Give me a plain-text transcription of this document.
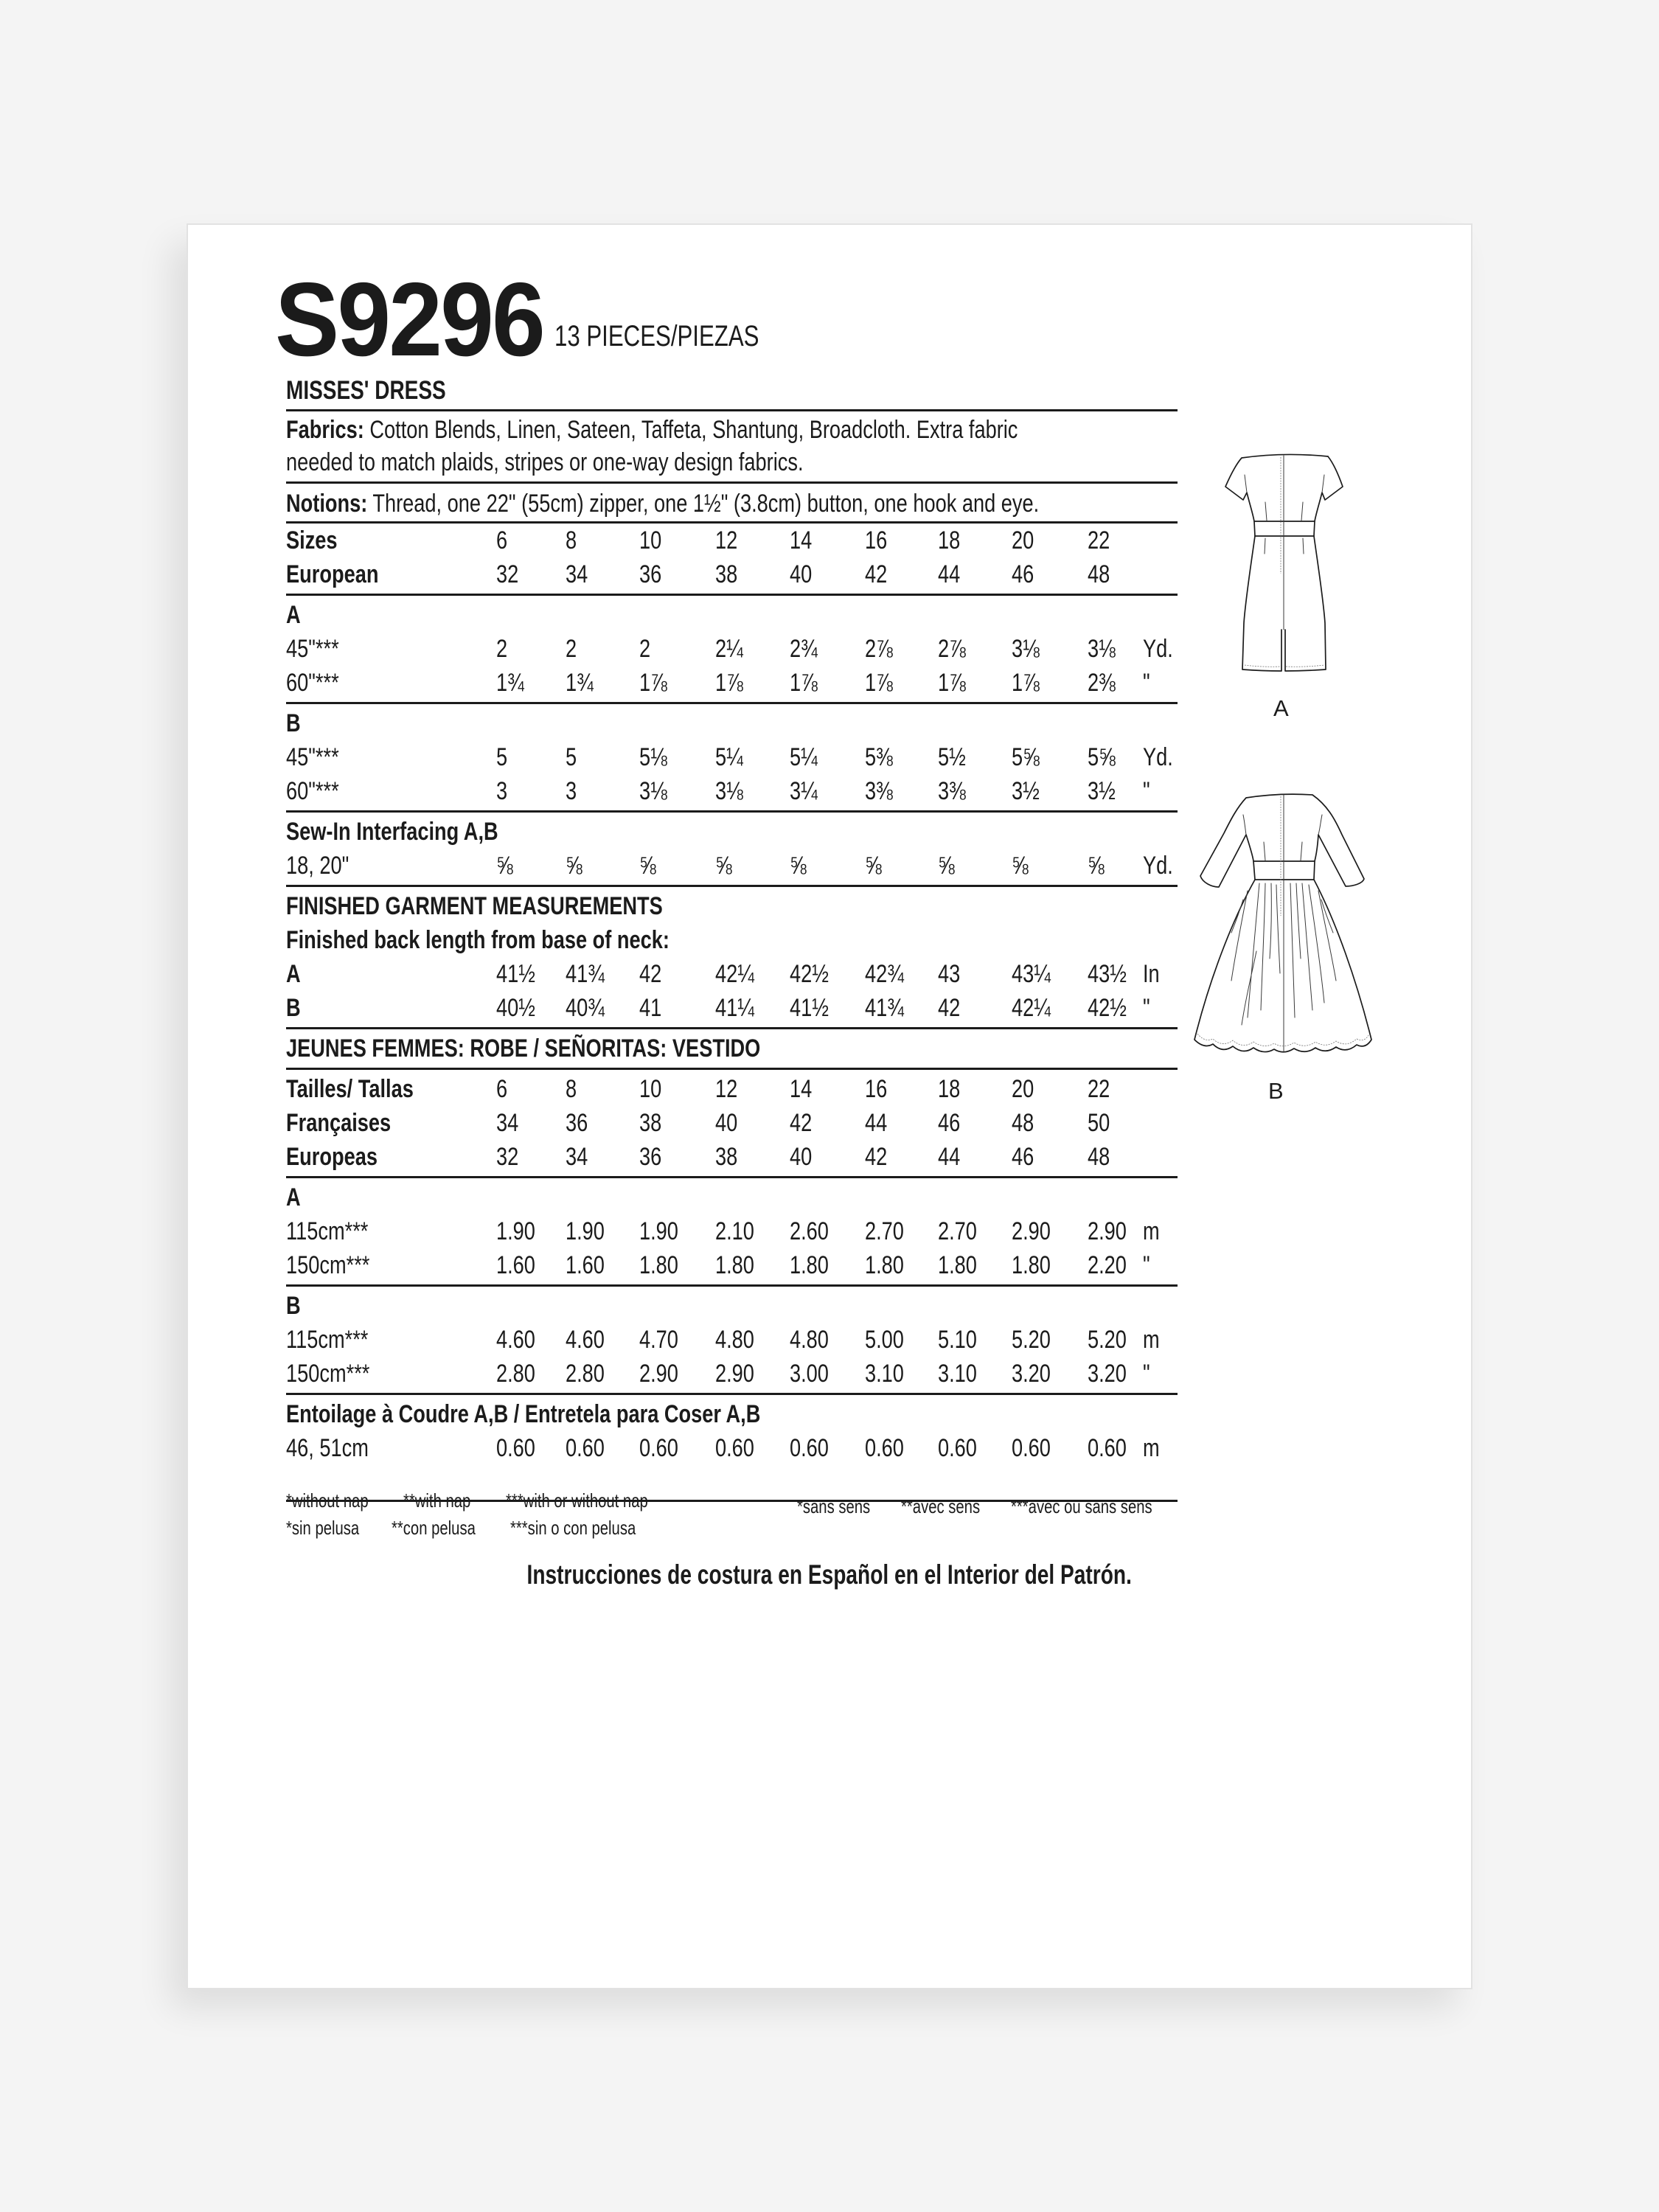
S9296 13 PIECES/PIEZAS
MISSES' DRESS
Fabrics: Cotton Blends, Linen, Sateen, Taffeta, Shantung, Broadcloth. Extra fabric
needed to match plaids, stripes or one-way design fabrics.
Notions: Thread, one 22" (55cm) zipper, one 1½" (3.8cm) button, one hook and eye.
Sizes	6 8 10 12 14 16 18 20 22
European	32 34 36 38 40 42 44 46 48
A
45"***	2 2 2	2¼ 2¾ 2⅞ 2⅞ 3⅛ 3⅛ Yd.
60"***	1¾ 1¾ 1⅞ 1⅞ 1⅞ 1⅞ 1⅞ 1⅞ 2⅜ "
B
45"***	5 5 5⅛ 5¼ 5¼ 5⅜ 5½ 5⅝ 5⅝ Yd.
60"***	3 3 3⅛ 3⅛ 3¼ 3⅜ 3⅜ 3½ 3½ "
Sew-In Interfacing A,B
18, 20"	⅝ ⅝ ⅝ ⅝ ⅝ ⅝ ⅝ ⅝ ⅝ Yd.
FINISHED GARMENT MEASUREMENTS
Finished back length from base of neck:
A	41½	41¾	42 42¼	42½	42¾	43 43¼	43½ In
B	40½	40¾	41 41¼	41½	41¾	42 42¼	42½ "
JEUNES FEMMES: ROBE / SEÑORITAS: VESTIDO
Tailles/ Tallas	6 8 10 12 14 16 18 20 22
Françaises	34 36 38 40 42 44 46 48 50
Europeas	32 34 36 38 40 42 44 46 48
A
115cm***	1.90	1.90	1.90	2.10	2.60	2.70	2.70	2.90	2.90 m
150cm***	1.60	1.60	1.80	1.80	1.80	1.80	1.80	1.80	2.20 "
B
115cm***	4.60	4.60	4.70	4.80	4.80	5.00	5.10	5.20	5.20 m
150cm***	2.80	2.80	2.90	2.90	3.00	3.10	3.10	3.20	3.20 "
Entoilage à Coudre A,B / Entretela para Coser A,B
46, 51cm	0.60	0.60	0.60	0.60	0.60	0.60	0.60	0.60	0.60 m
*without nap	**with nap	***with or without nap
*sin pelusa	**con pelusa	***sin o con pelusa
*sans sens	**avec sens	***avec ou sans sens
Instrucciones de costura en Español en el Interior del Patrón.
A
B
